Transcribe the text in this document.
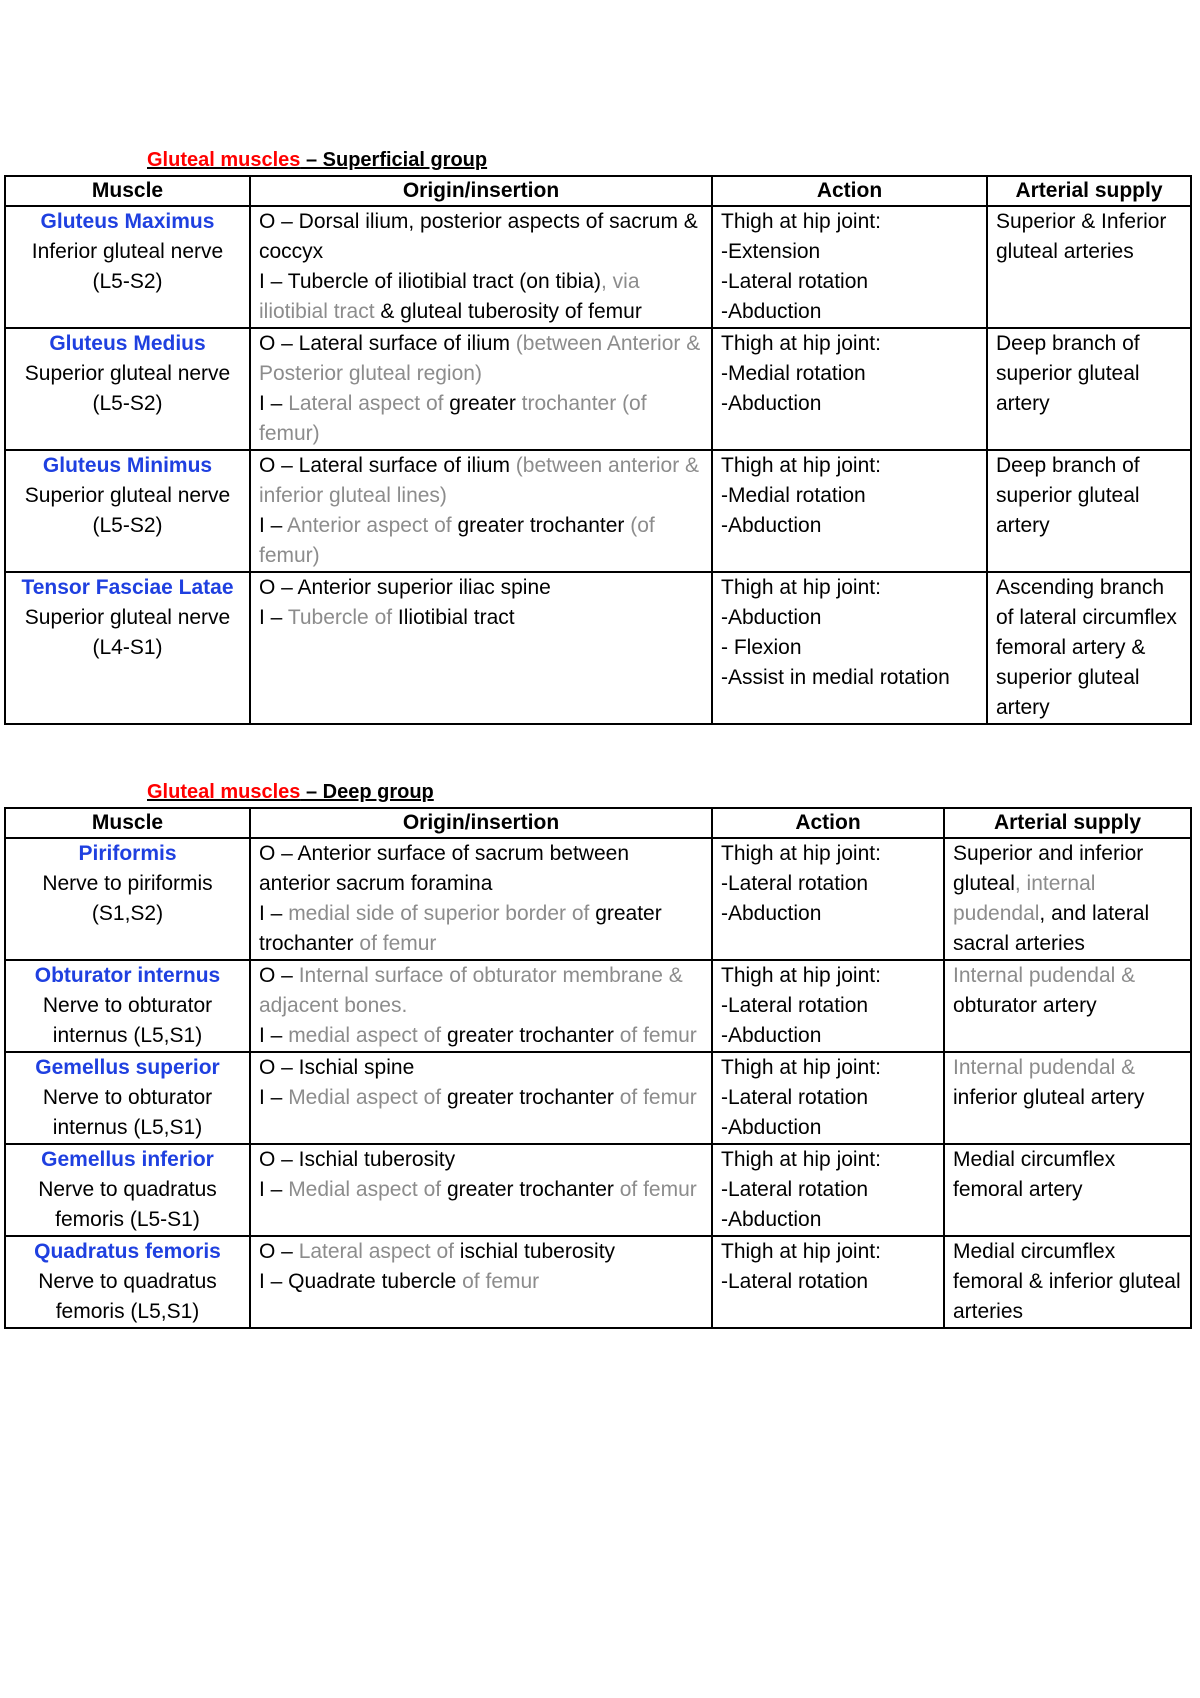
Gluteal muscles – Superficial group
Muscle	Origin/insertion	Action	Arterial supply

Gluteus Maximus
Inferior gluteal nerve
(L5-S2)	O – Dorsal ilium, posterior aspects of sacrum & coccyx
I – Tubercle of iliotibial tract (on tibia), via iliotibial tract & gluteal tuberosity of femur	Thigh at hip joint:
-Extension
-Lateral rotation
-Abduction	Superior & Inferior gluteal arteries

Gluteus Medius
Superior gluteal nerve
(L5-S2)	O – Lateral surface of ilium (between Anterior & Posterior gluteal region)
I – Lateral aspect of greater trochanter (of femur)	Thigh at hip joint:
-Medial rotation
-Abduction	Deep branch of superior gluteal artery

Gluteus Minimus
Superior gluteal nerve
(L5-S2)	O – Lateral surface of ilium (between anterior & inferior gluteal lines)
I – Anterior aspect of greater trochanter (of femur)	Thigh at hip joint:
-Medial rotation
-Abduction	Deep branch of superior gluteal artery

Tensor Fasciae Latae
Superior gluteal nerve
(L4-S1)	O – Anterior superior iliac spine
I – Tubercle of Iliotibial tract	Thigh at hip joint:
-Abduction
- Flexion
-Assist in medial rotation	Ascending branch of lateral circumflex femoral artery & superior gluteal artery
Gluteal muscles – Deep group
Muscle	Origin/insertion	Action	Arterial supply

Piriformis
Nerve to piriformis
(S1,S2)	O – Anterior surface of sacrum between anterior sacrum foramina
I – medial side of superior border of greater trochanter of femur	Thigh at hip joint:
-Lateral rotation
-Abduction	Superior and inferior gluteal, internal pudendal, and lateral sacral arteries

Obturator internus
Nerve to obturator
internus (L5,S1)	O – Internal surface of obturator membrane & adjacent bones.
I – medial aspect of greater trochanter of femur	Thigh at hip joint:
-Lateral rotation
-Abduction	Internal pudendal & obturator artery

Gemellus superior
Nerve to obturator
internus (L5,S1)	O – Ischial spine
I – Medial aspect of greater trochanter of femur	Thigh at hip joint:
-Lateral rotation
-Abduction	Internal pudendal & inferior gluteal artery

Gemellus inferior
Nerve to quadratus
femoris (L5-S1)	O – Ischial tuberosity
I – Medial aspect of greater trochanter of femur	Thigh at hip joint:
-Lateral rotation
-Abduction	Medial circumflex femoral artery

Quadratus femoris
Nerve to quadratus
femoris (L5,S1)	O – Lateral aspect of ischial tuberosity
I – Quadrate tubercle of femur	Thigh at hip joint:
-Lateral rotation	Medial circumflex femoral & inferior gluteal arteries
